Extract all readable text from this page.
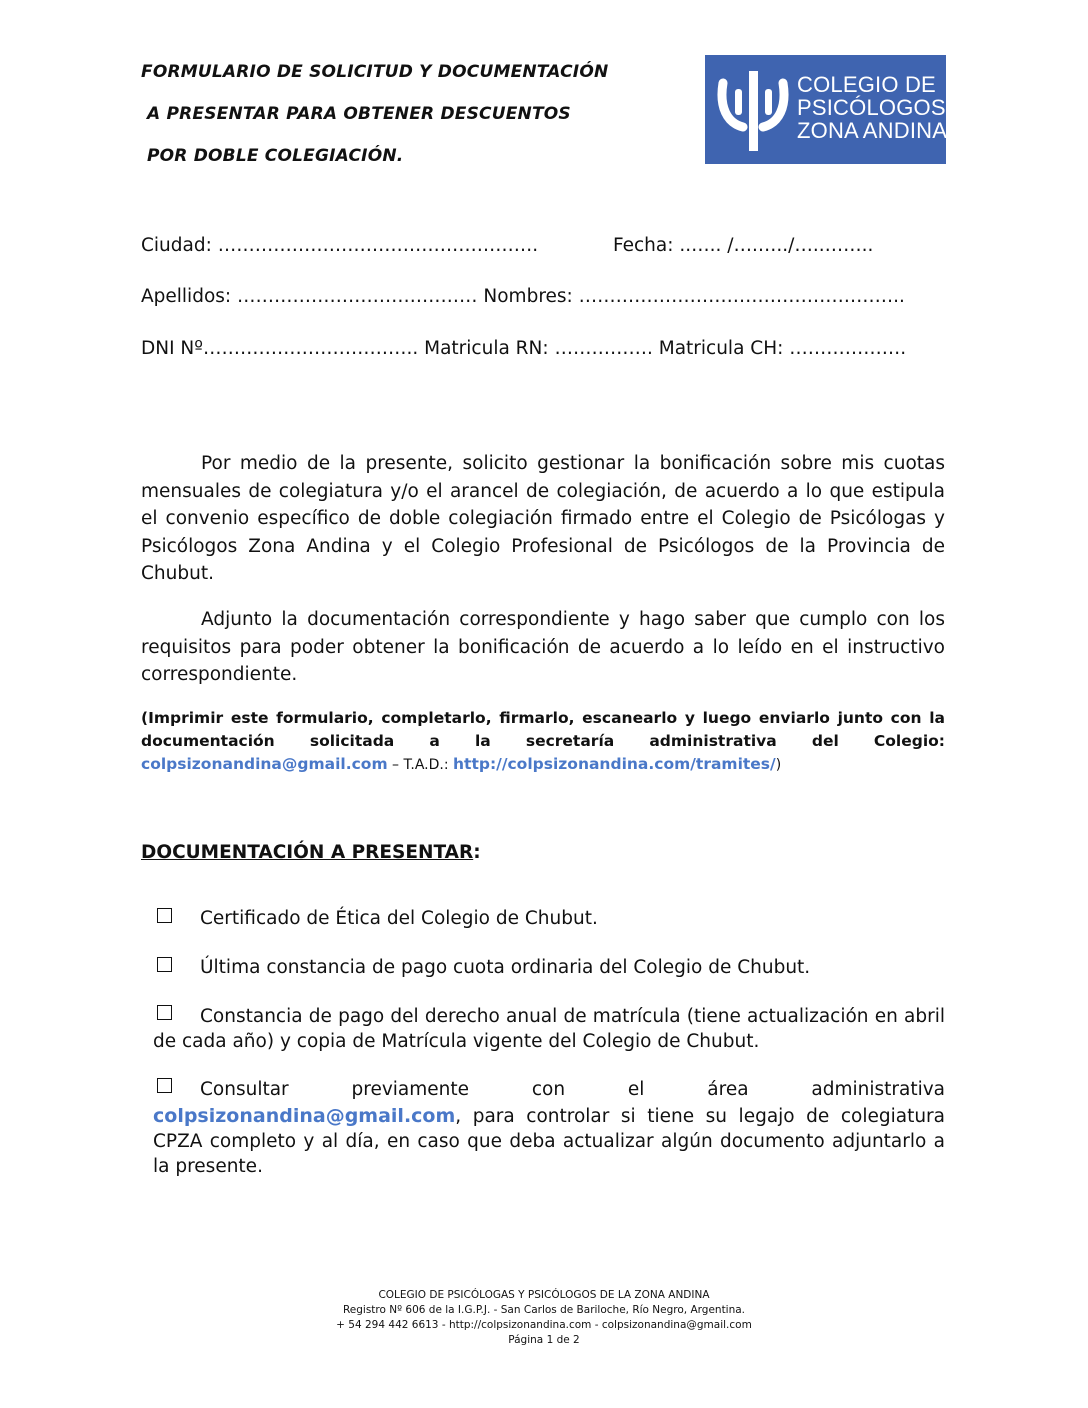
FORMULARIO DE SOLICITUD Y DOCUMENTACIÓN

A PRESENTAR PARA OBTENER DESCUENTOS

POR DOBLE COLEGIACIÓN.

COLEGIO DE
PSICÓLOGOS
ZONA ANDINA

Ciudad: …………………………………………….	Fecha: ..….. /….…../…..……..

Apellidos: ………………………………… Nombres: ……………………………………………..

DNI Nº…………………………….. Matricula RN: ……………. Matricula CH: ……………….

Por medio de la presente, solicito gestionar la bonificación sobre mis cuotas mensuales de colegiatura y/o el arancel de colegiación, de acuerdo a lo que estipula el convenio específico de doble colegiación firmado entre el Colegio de Psicólogas y Psicólogos Zona Andina y el Colegio Profesional de Psicólogos de la Provincia de Chubut.

Adjunto la documentación correspondiente y hago saber que cumplo con los requisitos para poder obtener la bonificación de acuerdo a lo leído en el instructivo correspondiente.

(Imprimir este formulario, completarlo, firmarlo, escanearlo y luego enviarlo junto con la documentación solicitada a la secretaría administrativa del Colegio: colpsizonandina@gmail.com – T.A.D.: http://colpsizonandina.com/tramites/)

DOCUMENTACIÓN A PRESENTAR:

Certificado de Ética del Colegio de Chubut.

Última constancia de pago cuota ordinaria del Colegio de Chubut.

Constancia de pago del derecho anual de matrícula (tiene actualización en abril de cada año) y copia de Matrícula vigente del Colegio de Chubut.

Consultar previamente con el área administrativa

colpsizonandina@gmail.com, para controlar si tiene su legajo de colegiatura CPZA completo y al día, en caso que deba actualizar algún documento adjuntarlo a la presente.

COLEGIO DE PSICÓLOGAS Y PSICÓLOGOS DE LA ZONA ANDINA
Registro Nº 606 de la I.G.P.J. - San Carlos de Bariloche, Río Negro, Argentina.
+ 54 294 442 6613 - http://colpsizonandina.com - colpsizonandina@gmail.com
Página 1 de 2
